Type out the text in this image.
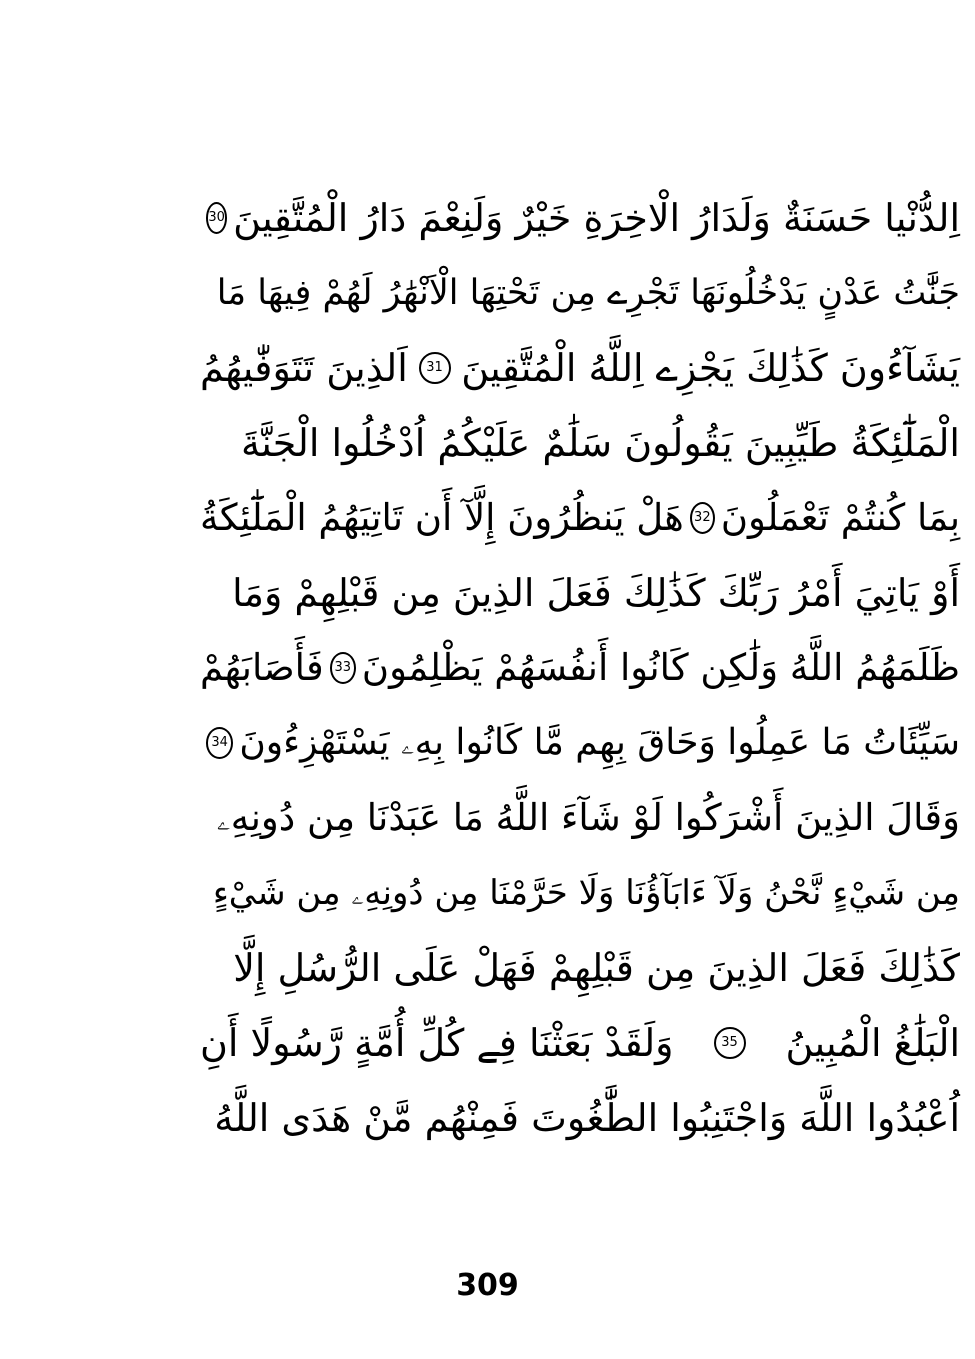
اِلدُّنْيا حَسَنَةٌ وَلَدَارُ الْاخِرَةِ خَيْرٌ وَلَنِعْمَ دَارُ الْمُتَّقِينَ
30
جَنَّٰتُ عَدْنٍ يَدْخُلُونَهَا تَجْرِے مِن تَحْتِهَا الْاَنْهَٰرُ لَهُمْ فِيهَا مَا
يَشَآءُونَ كَذَٰلِكَ يَجْزِے اِللَّهُ الْمُتَّقِينَ
31
اَلذِينَ تَتَوَفّٰيهُمُ
الْمَلَٰٓئِكَةُ طَيِّبِينَ يَقُولُونَ سَلَٰمٌ عَلَيْكُمُ اُدْخُلُوا الْجَنَّةَ
بِمَا كُنتُمْ تَعْمَلُونَ
32
هَلْ يَنظُرُونَ إِلَّآ أَن تَاتِيَهُمُ الْمَلَٰٓئِكَةُ
أَوْ يَاتِيَ أَمْرُ رَبِّكَ كَذَٰلِكَ فَعَلَ الذِينَ مِن قَبْلِهِمْ وَمَا
ظَلَمَهُمُ اللَّهُ وَلَٰكِن كَانُوا أَنفُسَهُمْ يَظْلِمُونَ
33
فَأَصَابَهُمْ
سَيِّئَاتُ مَا عَمِلُوا وَحَاقَ بِهِم مَّا كَانُوا بِهِۦ يَسْتَهْزِءُونَ
34
وَقَالَ الذِينَ أَشْرَكُوا لَوْ شَآءَ اللَّهُ مَا عَبَدْنَا مِن دُونِهِۦ
مِن شَيْءٍ نَّحْنُ وَلَآ ءَابَآؤُنَا وَلَا حَرَّمْنَا مِن دُونِهِۦ مِن شَيْءٍ
كَذَٰلِكَ فَعَلَ الذِينَ مِن قَبْلِهِمْ فَهَلْ عَلَى الرُّسُلِ إِلَّا
الْبَلَٰغُ الْمُبِينُ
35
وَلَقَدْ بَعَثْنَا فِے كُلِّ أُمَّةٍ رَّسُولًا أَنِ
اُعْبُدُوا اللَّهَ وَاجْتَنِبُوا الطَّٰغُوتَ فَمِنْهُم مَّنْ هَدَى اللَّهُ
309
